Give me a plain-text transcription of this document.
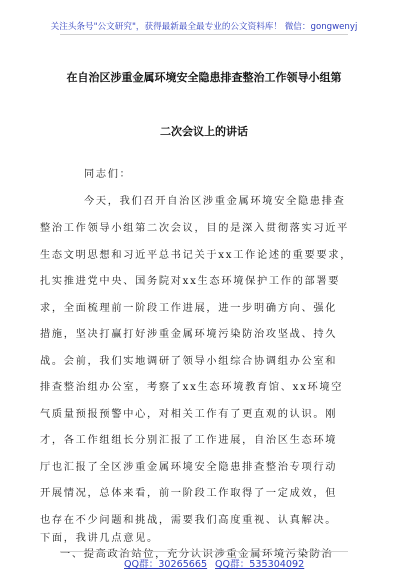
关注头条号"公文研究"，获得最新最全最专业的公文资料库！ 微信：gongwenyj
在自治区涉重金属环境安全隐患排查整治工作领导小组第
二次会议上的讲话
同志们：
今天，我们召开自治区涉重金属环境安全隐患排查
整治工作领导小组第二次会议，目的是深入贯彻落实习近平
生态文明思想和习近平总书记关于xx工作论述的重要要求，
扎实推进党中央、国务院对xx生态环境保护工作的部署要
求，全面梳理前一阶段工作进展，进一步明确方向、强化
措施，坚决打赢打好涉重金属环境污染防治攻坚战、持久
战。会前，我们实地调研了领导小组综合协调组办公室和
排查整治组办公室，考察了xx生态环境教育馆、xx环境空
气质量预报预警中心，对相关工作有了更直观的认识。刚
才，各工作组组长分别汇报了工作进展，自治区生态环境
厅也汇报了全区涉重金属环境安全隐患排查整治专项行动
开展情况，总体来看，前一阶段工作取得了一定成效，但
也存在不少问题和挑战，需要我们高度重视、认真解决。
下面，我讲几点意见。
一、提高政治站位，充分认识涉重金属环境污染防治
QQ群：30265665 QQ群：535304092
